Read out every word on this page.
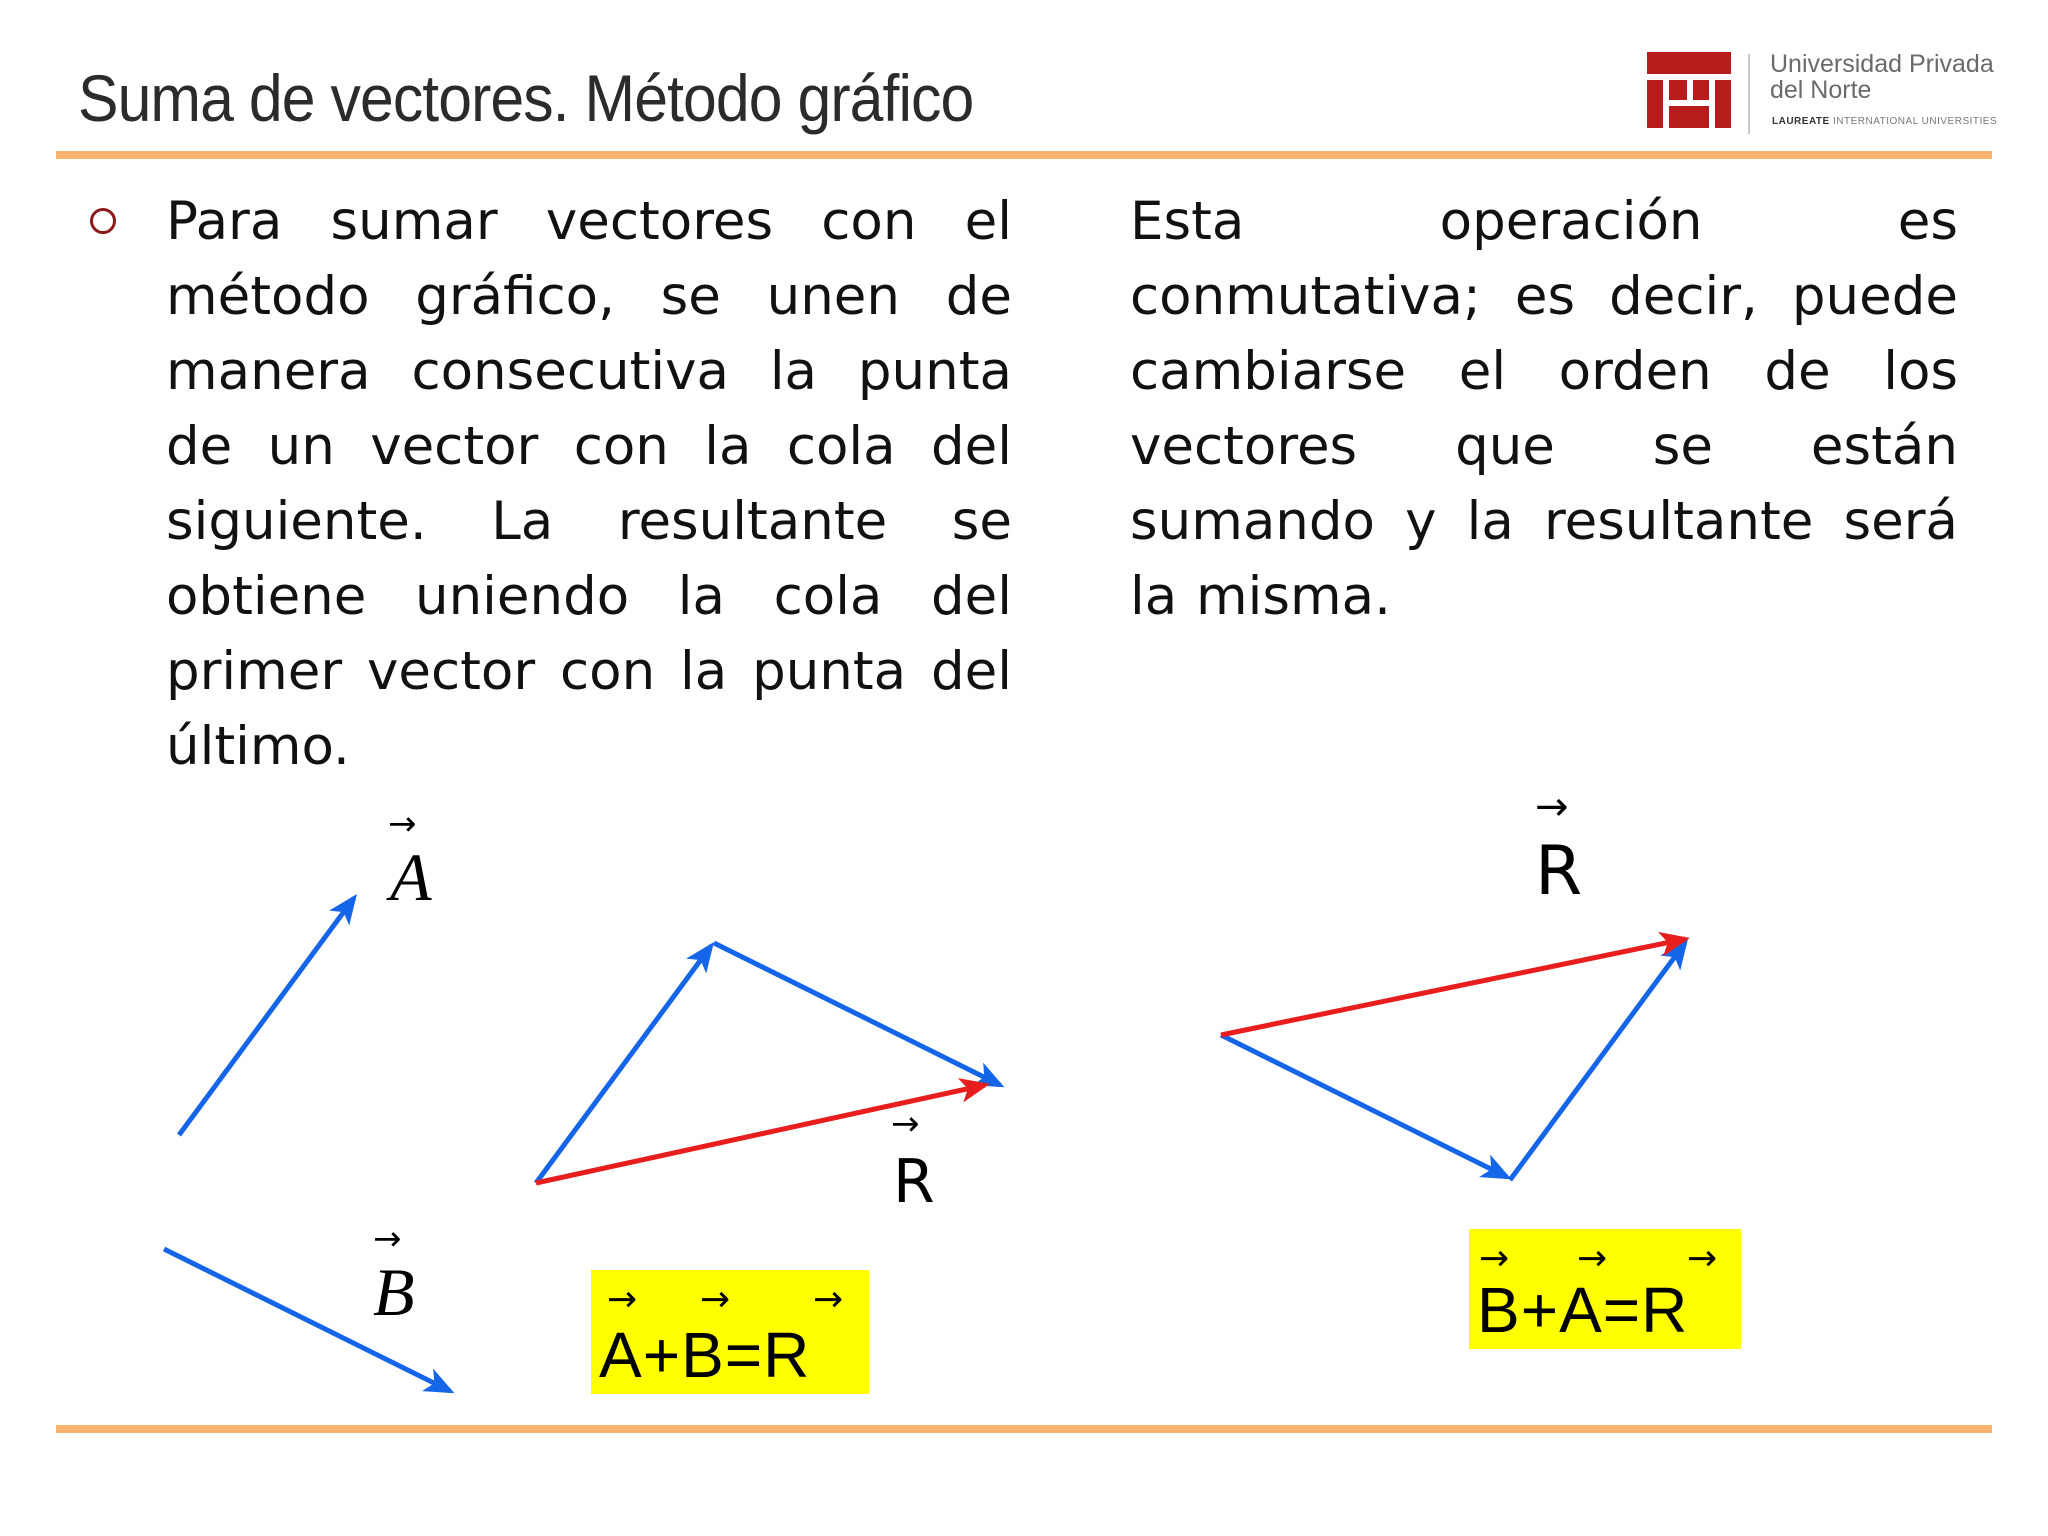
Suma de vectores. Método gráfico	Universidad Privada
del Norte
LAUREATE INTERNATIONAL UNIVERSITIES
Para sumar vectores con el método gráfico, se unen de manera consecutiva la punta de un vector con la cola del siguiente. La resultante se obtiene uniendo la cola del primer vector con la punta del último.
Esta operación es conmutativa; es decir, puede cambiarse el orden de los vectores que se están sumando y la resultante será la misma.
→
A
→
B
→
R
→
R
→ → →
A+B=R
→ → →
B+A=R
